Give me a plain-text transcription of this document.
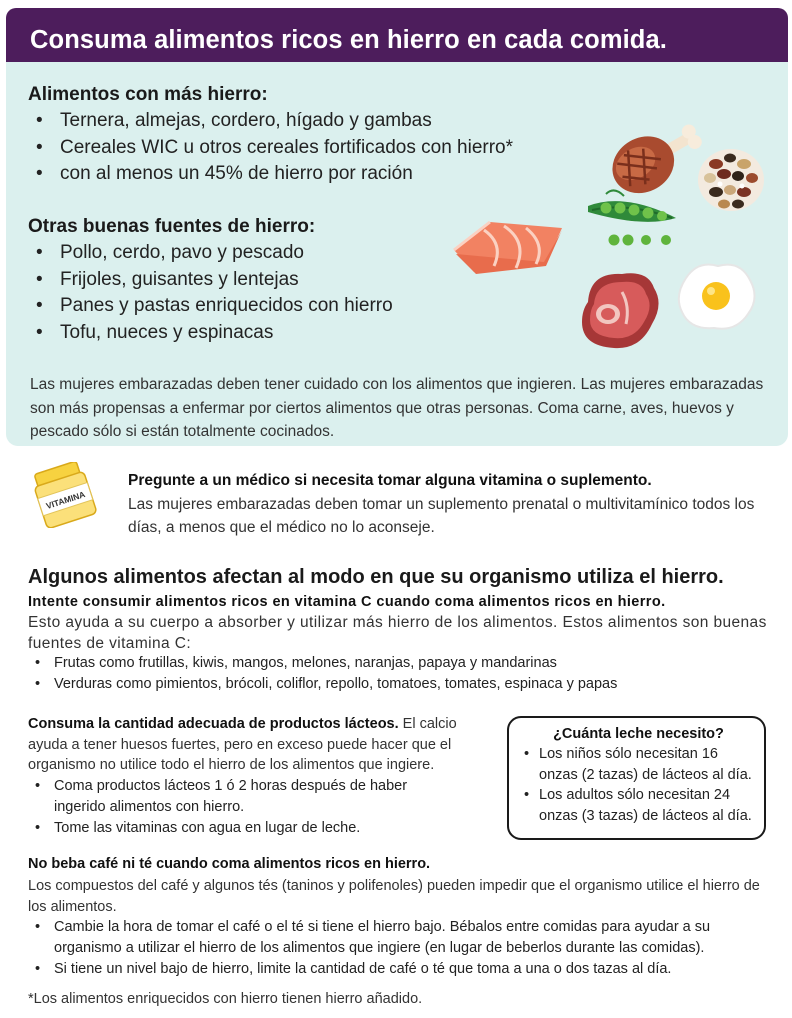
Consuma alimentos ricos en hierro en cada comida.
Alimentos con más hierro:
• Ternera, almejas, cordero, hígado y gambas
• Cereales WIC u otros cereales fortificados con hierro*
• con al menos un 45% de hierro por ración
Otras buenas fuentes de hierro:
• Pollo, cerdo, pavo y pescado
• Frijoles, guisantes y lentejas
• Panes y pastas enriquecidos con hierro
• Tofu, nueces y espinacas
Las mujeres embarazadas deben tener cuidado con los alimentos que ingieren. Las mujeres embarazadas son más propensas a enfermar por ciertos alimentos que otras personas. Coma carne, aves, huevos y pescado sólo si están totalmente cocinados.
VITAMINA
Pregunte a un médico si necesita tomar alguna vitamina o suplemento.
Las mujeres embarazadas deben tomar un suplemento prenatal o multivitamínico todos los días, a menos que el médico no lo aconseje.
Algunos alimentos afectan al modo en que su organismo utiliza el hierro.
Intente consumir alimentos ricos en vitamina C cuando coma alimentos ricos en hierro.
Esto ayuda a su cuerpo a absorber y utilizar más hierro de los alimentos. Estos alimentos son buenas fuentes de vitamina C:
• Frutas como frutillas, kiwis, mangos, melones, naranjas, papaya y mandarinas
• Verduras como pimientos, brócoli, coliflor, repollo, tomatoes, tomates, espinaca y papas
Consuma la cantidad adecuada de productos lácteos. El calcio ayuda a tener huesos fuertes, pero en exceso puede hacer que el organismo no utilice todo el hierro de los alimentos que ingiere.
• Coma productos lácteos 1 ó 2 horas después de haber ingerido alimentos con hierro.
• Tome las vitaminas con agua en lugar de leche.
¿Cuánta leche necesito?
• Los niños sólo necesitan 16 onzas (2 tazas) de lácteos al día.
• Los adultos sólo necesitan 24 onzas (3 tazas) de lácteos al día.
No beba café ni té cuando coma alimentos ricos en hierro.
Los compuestos del café y algunos tés (taninos y polifenoles) pueden impedir que el organismo utilice el hierro de los alimentos.
• Cambie la hora de tomar el café o el té si tiene el hierro bajo. Bébalos entre comidas para ayudar a su organismo a utilizar el hierro de los alimentos que ingiere (en lugar de beberlos durante las comidas).
• Si tiene un nivel bajo de hierro, limite la cantidad de café o té que toma a una o dos tazas al día.
*Los alimentos enriquecidos con hierro tienen hierro añadido.
